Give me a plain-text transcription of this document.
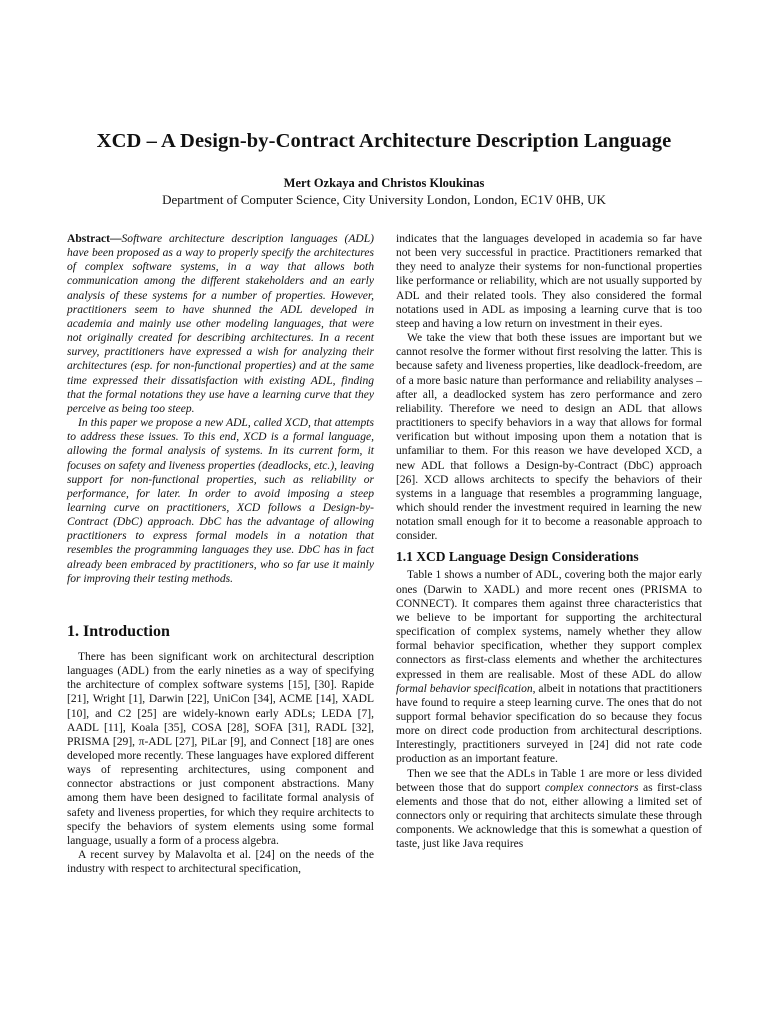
XCD – A Design-by-Contract Architecture Description Language
Mert Ozkaya and Christos Kloukinas
Department of Computer Science, City University London, London, EC1V 0HB, UK

Abstract—Software architecture description languages (ADL) have been proposed as a way to properly specify the architectures of complex software systems, in a way that allows both communication among the different stakeholders and an early analysis of these systems for a number of properties. However, practitioners seem to have shunned the ADL developed in academia and mainly use other modeling languages, that were not originally created for describing architectures. In a recent survey, practitioners have expressed a wish for analyzing their architectures (esp. for non-functional properties) and at the same time expressed their dissatisfaction with existing ADL, finding that the formal notations they use have a learning curve that they perceive as being too steep.

In this paper we propose a new ADL, called XCD, that attempts to address these issues. To this end, XCD is a formal language, allowing the formal analysis of systems. In its current form, it focuses on safety and liveness properties (deadlocks, etc.), leaving support for non-functional properties, such as reliability or performance, for later. In order to avoid imposing a steep learning curve on practitioners, XCD follows a Design-by-Contract (DbC) approach. DbC has the advantage of allowing practitioners to express formal models in a notation that resembles the programming languages they use. DbC has in fact already been embraced by practitioners, who so far use it mainly for improving their testing methods.

1. Introduction

There has been significant work on architectural description languages (ADL) from the early nineties as a way of specifying the architecture of complex software systems [15], [30]. Rapide [21], Wright [1], Darwin [22], UniCon [34], ACME [14], XADL [10], and C2 [25] are widely-known early ADLs; LEDA [7], AADL [11], Koala [35], COSA [28], SOFA [31], RADL [32], PRISMA [29], π-ADL [27], PiLar [9], and Connect [18] are ones developed more recently. These languages have explored different ways of representing architectures, using component and connector abstractions or just component abstractions. Many among them have been designed to facilitate formal analysis of safety and liveness properties, for which they require architects to specify the behaviors of system elements using some formal language, usually a form of a process algebra.

A recent survey by Malavolta et al. [24] on the needs of the industry with respect to architectural specification,

indicates that the languages developed in academia so far have not been very successful in practice. Practitioners remarked that they need to analyze their systems for non-functional properties like performance or reliability, which are not usually supported by ADL and their related tools. They also considered the formal notations used in ADL as imposing a learning curve that is too steep and having a low return on investment in their eyes.

We take the view that both these issues are important but we cannot resolve the former without first resolving the latter. This is because safety and liveness properties, like deadlock-freedom, are of a more basic nature than performance and reliability analyses – after all, a deadlocked system has zero performance and zero reliability. Therefore we need to design an ADL that allows practitioners to specify behaviors in a way that allows for formal verification but without imposing upon them a notation that is unfamiliar to them. For this reason we have developed XCD, a new ADL that follows a Design-by-Contract (DbC) approach [26]. XCD allows architects to specify the behaviors of their systems in a language that resembles a programming language, which should render the investment required in learning the new notation small enough for it to become a reasonable approach to consider.

1.1 XCD Language Design Considerations

Table 1 shows a number of ADL, covering both the major early ones (Darwin to XADL) and more recent ones (PRISMA to CONNECT). It compares them against three characteristics that we believe to be important for supporting the architectural specification of complex systems, namely whether they allow formal behavior specification, whether they support complex connectors as first-class elements and whether the architectures expressed in them are realisable. Most of these ADL do allow formal behavior specification, albeit in notations that practitioners have found to require a steep learning curve. The ones that do not support formal behavior specification do so because they focus more on direct code production from architectural descriptions. Interestingly, practitioners surveyed in [24] did not rate code production as an important feature.

Then we see that the ADLs in Table 1 are more or less divided between those that do support complex connectors as first-class elements and those that do not, either allowing a limited set of connectors only or requiring that architects simulate these through components. We acknowledge that this is somewhat a question of taste, just like Java requires
